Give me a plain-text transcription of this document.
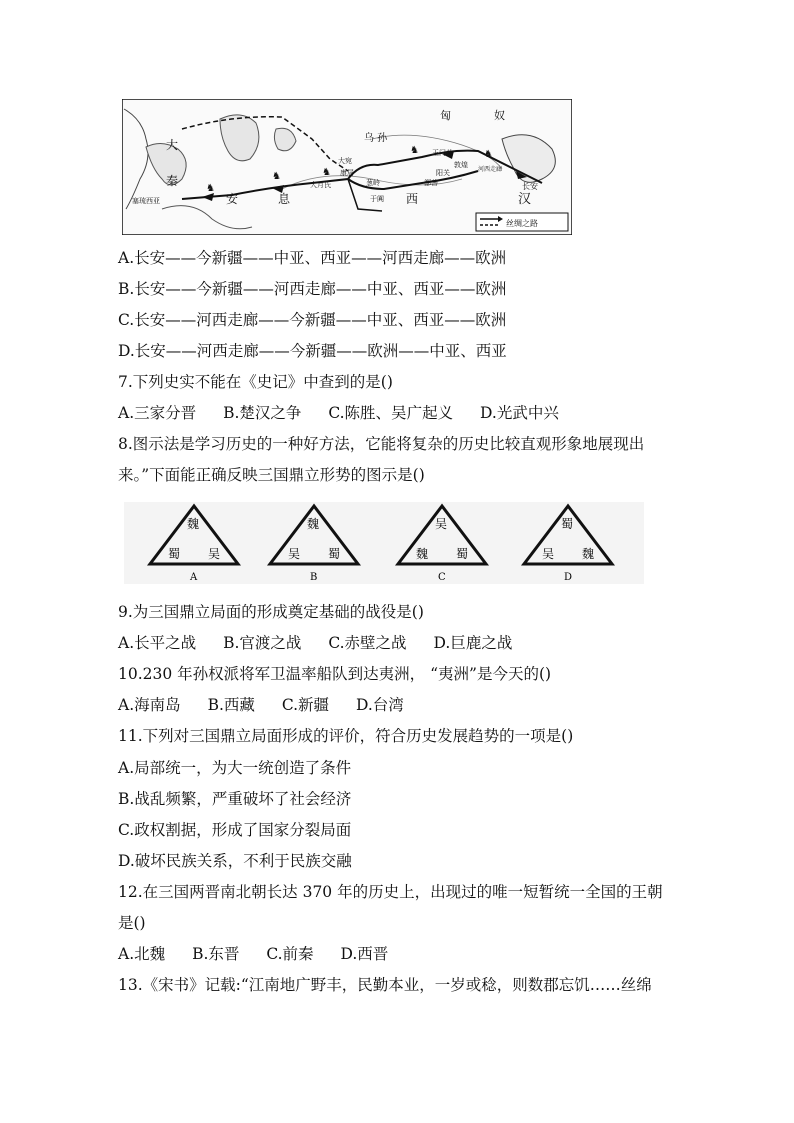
♞
♞	♞
♞	♞
匈	奴
大
秦
乌 孙
大宛
康居
大月氏	葱岭
玉门关
敦煌
河西走廊
阳关
鄯善
于阗 西
安	息	汉
长安
塞琉西亚
丝绸之路
A.长安——今新疆——中亚、西亚——河西走廊——欧洲
B.长安——今新疆——河西走廊——中亚、西亚——欧洲
C.长安——河西走廊——今新疆——中亚、西亚——欧洲
D.长安——河西走廊——今新疆——欧洲——中亚、西亚
7.下列史实不能在《史记》中查到的是()
A.三家分晋 B.楚汉之争 C.陈胜、吴广起义 D.光武中兴
8.图示法是学习历史的一种好方法，它能将复杂的历史比较直观形象地展现出
来。”下面能正确反映三国鼎立形势的图示是()
魏
蜀 吴
A
魏
吴 蜀
B
吴
魏 蜀
C
蜀
吴 魏
D
9.为三国鼎立局面的形成奠定基础的战役是()
A.长平之战 B.官渡之战 C.赤壁之战 D.巨鹿之战
10.230 年孙权派将军卫温率船队到达夷洲， “夷洲”是今天的()
A.海南岛 B.西藏 C.新疆 D.台湾
11.下列对三国鼎立局面形成的评价，符合历史发展趋势的一项是()
A.局部统一，为大一统创造了条件
B.战乱频繁，严重破坏了社会经济
C.政权割据，形成了国家分裂局面
D.破坏民族关系，不利于民族交融
12.在三国两晋南北朝长达 370 年的历史上，出现过的唯一短暂统一全国的王朝
是()
A.北魏 B.东晋 C.前秦 D.西晋
13.《宋书》记载:“江南地广野丰，民勤本业，一岁或稔，则数郡忘饥……丝绵
